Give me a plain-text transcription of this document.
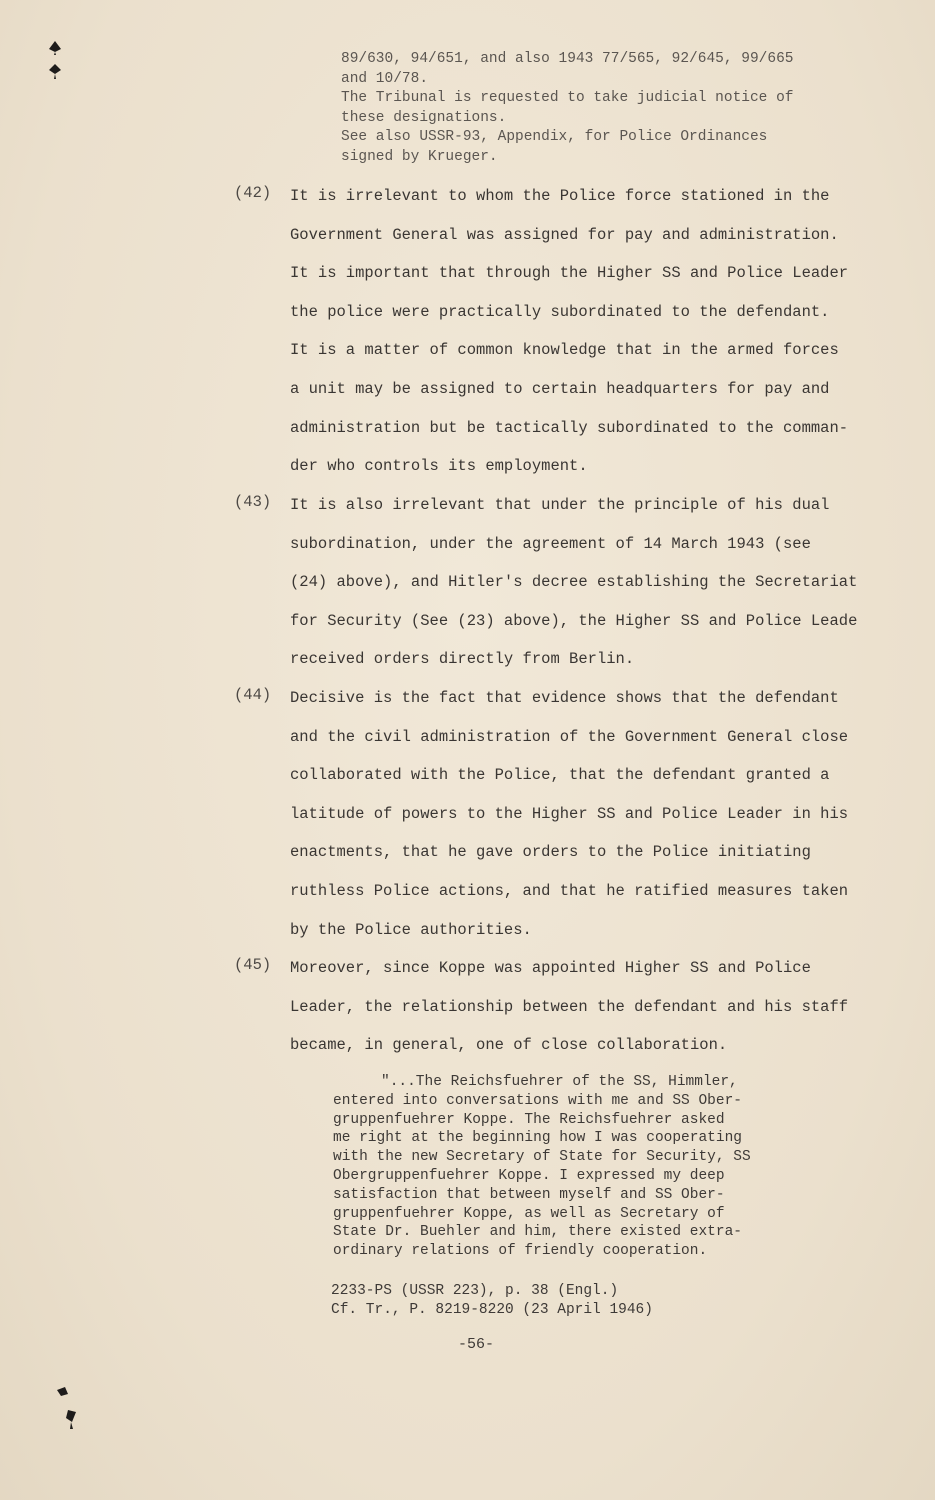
89/630, 94/651, and also 1943 77/565, 92/645, 99/665

and 10/78.

The Tribunal is requested to take judicial notice of

these designations.

See also USSR-93, Appendix, for Police Ordinances

signed by Krueger.

(42) It is irrelevant to whom the Police force stationed in the
Government General was assigned for pay and administration.
It is important that through the Higher SS and Police Leader
the police were practically subordinated to the defendant.
It is a matter of common knowledge that in the armed forces
a unit may be assigned to certain headquarters for pay and
administration but be tactically subordinated to the comman-
der who controls its employment.
(43) It is also irrelevant that under the principle of his dual
subordination, under the agreement of 14 March 1943 (see
(24) above), and Hitler's decree establishing the Secretariat
for Security (See (23) above), the Higher SS and Police Leade
received orders directly from Berlin.
(44) Decisive is the fact that evidence shows that the defendant
and the civil administration of the Government General close
collaborated with the Police, that the defendant granted a
latitude of powers to the Higher SS and Police Leader in his
enactments, that he gave orders to the Police initiating
ruthless Police actions, and that he ratified measures taken
by the Police authorities.
(45) Moreover, since Koppe was appointed Higher SS and Police
Leader, the relationship between the defendant and his staff
became, in general, one of close collaboration.
"...The Reichsfuehrer of the SS, Himmler,
entered into conversations with me and SS Ober-
gruppenfuehrer Koppe. The Reichsfuehrer asked
me right at the beginning how I was cooperating
with the new Secretary of State for Security, SS
Obergruppenfuehrer Koppe. I expressed my deep
satisfaction that between myself and SS Ober-
gruppenfuehrer Koppe, as well as Secretary of
State Dr. Buehler and him, there existed extra-
ordinary relations of friendly cooperation.
2233-PS (USSR 223), p. 38 (Engl.)
Cf. Tr., P. 8219-8220 (23 April 1946)
-56-
